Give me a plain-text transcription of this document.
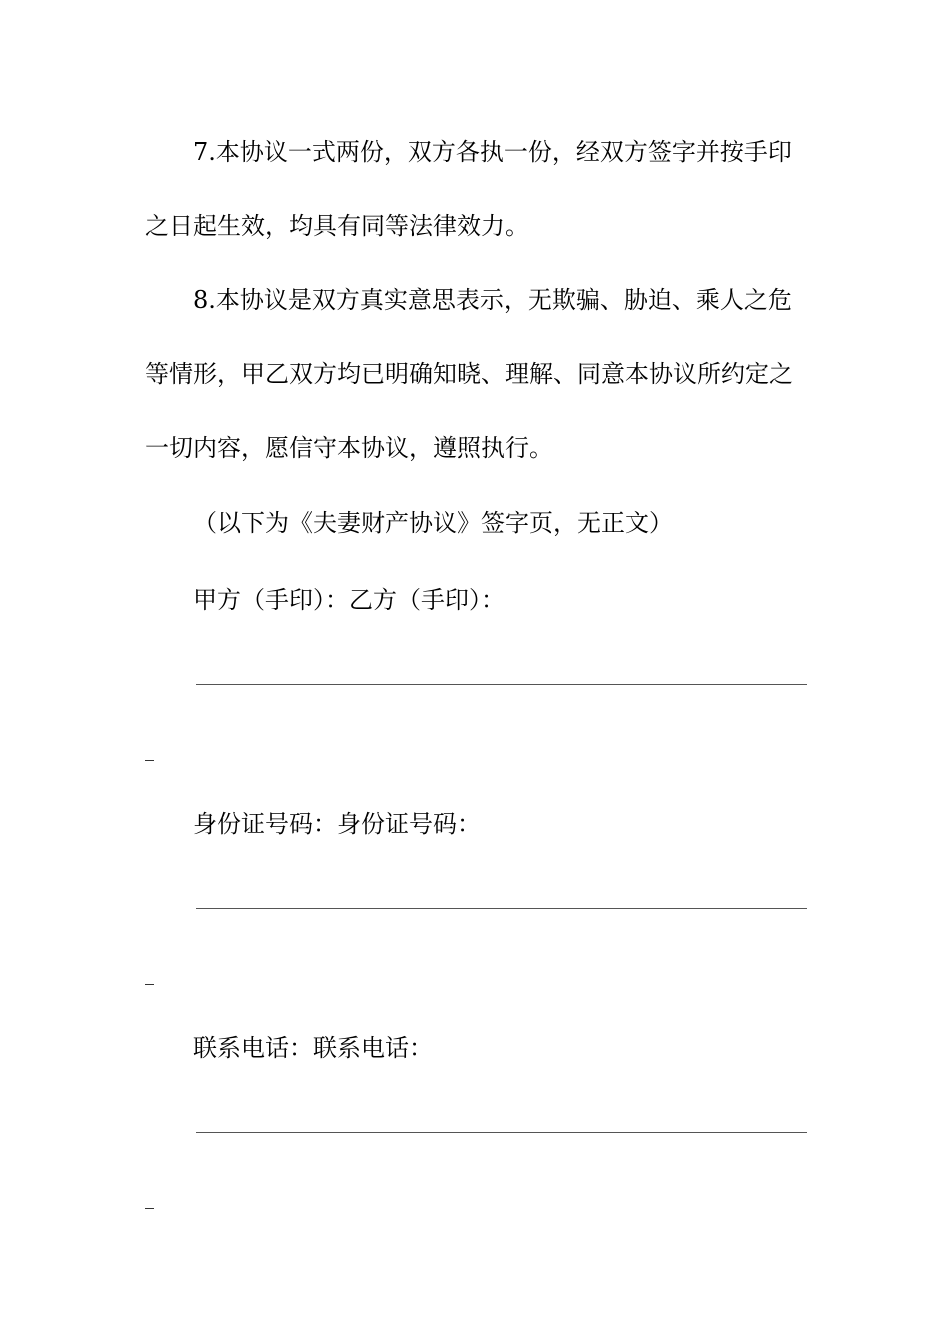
7.本协议一式两份，双方各执一份，经双方签字并按手印
之日起生效，均具有同等法律效力。
8.本协议是双方真实意思表示，无欺骗、胁迫、乘人之危
等情形，甲乙双方均已明确知晓、理解、同意本协议所约定之
一切内容，愿信守本协议，遵照执行。
（以下为《夫妻财产协议》签字页，无正文）
甲方（手印）：乙方（手印）：
身份证号码：身份证号码：
联系电话：联系电话：
